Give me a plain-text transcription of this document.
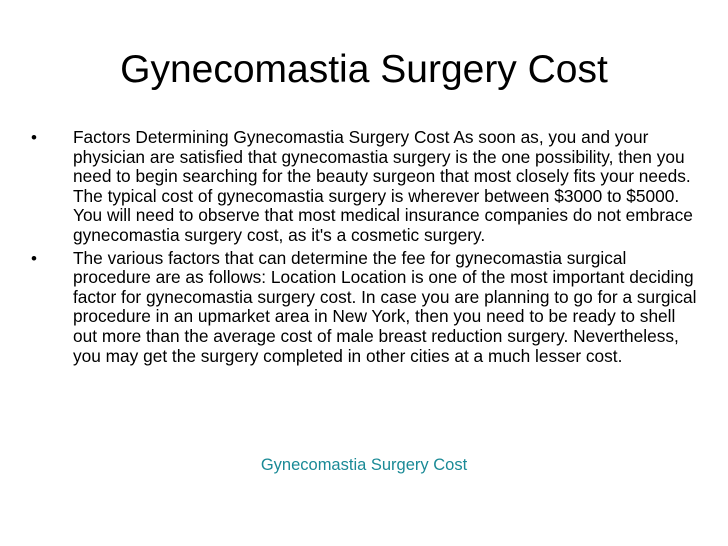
Gynecomastia Surgery Cost
• Factors Determining Gynecomastia Surgery Cost As soon as, you and your physician are satisfied that gynecomastia surgery is the one possibility, then you need to begin searching for the beauty surgeon that most closely fits your needs. The typical cost of gynecomastia surgery is wherever between $3000 to $5000. You will need to observe that most medical insurance companies do not embrace gynecomastia surgery cost, as it's a cosmetic surgery.
• The various factors that can determine the fee for gynecomastia surgical procedure are as follows: Location Location is one of the most important deciding factor for gynecomastia surgery cost. In case you are planning to go for a surgical procedure in an upmarket area in New York, then you need to be ready to shell out more than the average cost of male breast reduction surgery. Nevertheless, you may get the surgery completed in other cities at a much lesser cost.
Gynecomastia Surgery Cost
